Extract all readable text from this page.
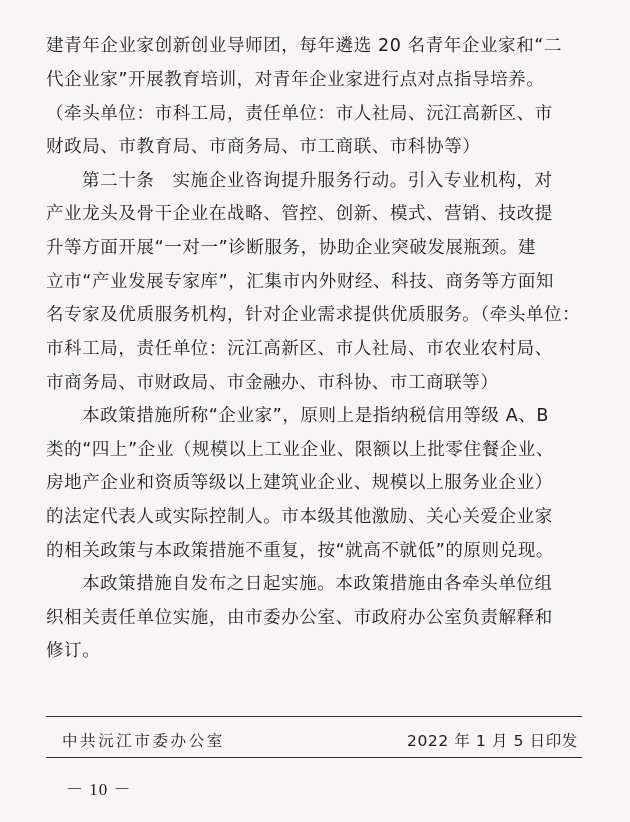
建青年企业家创新创业导师团，每年遴选 20 名青年企业家和“二
代企业家”开展教育培训，对青年企业家进行点对点指导培养。
（牵头单位：市科工局，责任单位：市人社局、沅江高新区、市
财政局、市教育局、市商务局、市工商联、市科协等）
第二十条　实施企业咨询提升服务行动。引入专业机构，对
产业龙头及骨干企业在战略、管控、创新、模式、营销、技改提
升等方面开展“一对一”诊断服务，协助企业突破发展瓶颈。建
立市“产业发展专家库”，汇集市内外财经、科技、商务等方面知
名专家及优质服务机构，针对企业需求提供优质服务。（牵头单位：
市科工局，责任单位：沅江高新区、市人社局、市农业农村局、
市商务局、市财政局、市金融办、市科协、市工商联等）
本政策措施所称“企业家”，原则上是指纳税信用等级 A、B
类的“四上”企业（规模以上工业企业、限额以上批零住餐企业、
房地产企业和资质等级以上建筑业企业、规模以上服务业企业）
的法定代表人或实际控制人。市本级其他激励、关心关爱企业家
的相关政策与本政策措施不重复，按“就高不就低”的原则兑现。
本政策措施自发布之日起实施。本政策措施由各牵头单位组
织相关责任单位实施，由市委办公室、市政府办公室负责解释和
修订。
中共沅江市委办公室	2022 年 1 月 5 日印发
－ 10 －
